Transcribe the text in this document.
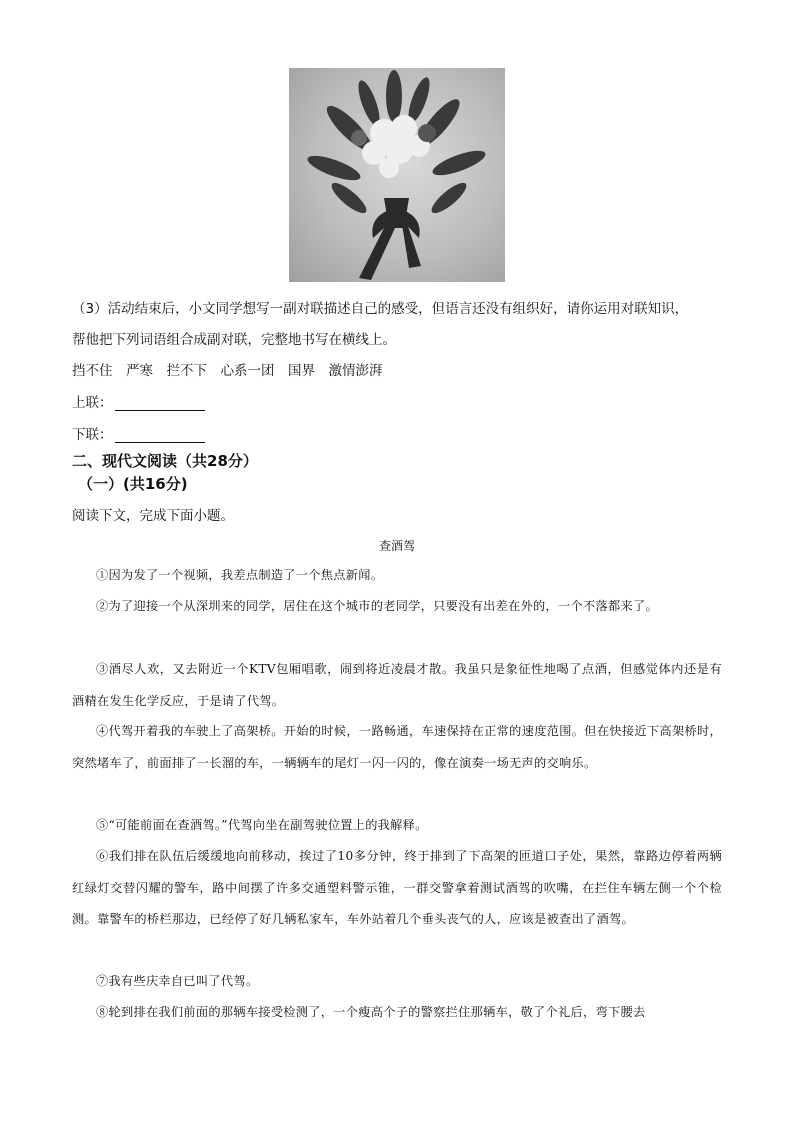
（3）活动结束后，小文同学想写一副对联描述自己的感受，但语言还没有组织好，请你运用对联知识，
帮他把下列词语组合成副对联，完整地书写在横线上。
挡不住　严寒　拦不下　心系一团　国界　激情澎湃
上联：
下联：
二、现代文阅读（共28分）
（一）(共16分)
阅读下文，完成下面小题。
查酒驾
①因为发了一个视频，我差点制造了一个焦点新闻。
②为了迎接一个从深圳来的同学，居住在这个城市的老同学，只要没有出差在外的，一个不落都来了。
③酒尽人欢，又去附近一个KTV包厢唱歌，闹到将近凌晨才散。我虽只是象征性地喝了点酒，但感觉体内还是有酒精在发生化学反应，于是请了代驾。
④代驾开着我的车驶上了高架桥。开始的时候，一路畅通，车速保持在正常的速度范围。但在快接近下高架桥时，突然堵车了，前面排了一长溜的车，一辆辆车的尾灯一闪一闪的，像在演奏一场无声的交响乐。
⑤“可能前面在查酒驾。”代驾向坐在副驾驶位置上的我解释。
⑥我们排在队伍后缓缓地向前移动，挨过了10多分钟，终于排到了下高架的匝道口子处，果然，靠路边停着两辆红绿灯交替闪耀的警车，路中间摆了许多交通塑料警示锥，一群交警拿着测试酒驾的吹嘴，在拦住车辆左侧一个个检测。靠警车的桥栏那边，已经停了好几辆私家车，车外站着几个垂头丧气的人，应该是被查出了酒驾。
⑦我有些庆幸自已叫了代驾。
⑧轮到排在我们前面的那辆车接受检测了，一个瘦高个子的警察拦住那辆车，敬了个礼后，弯下腰去
